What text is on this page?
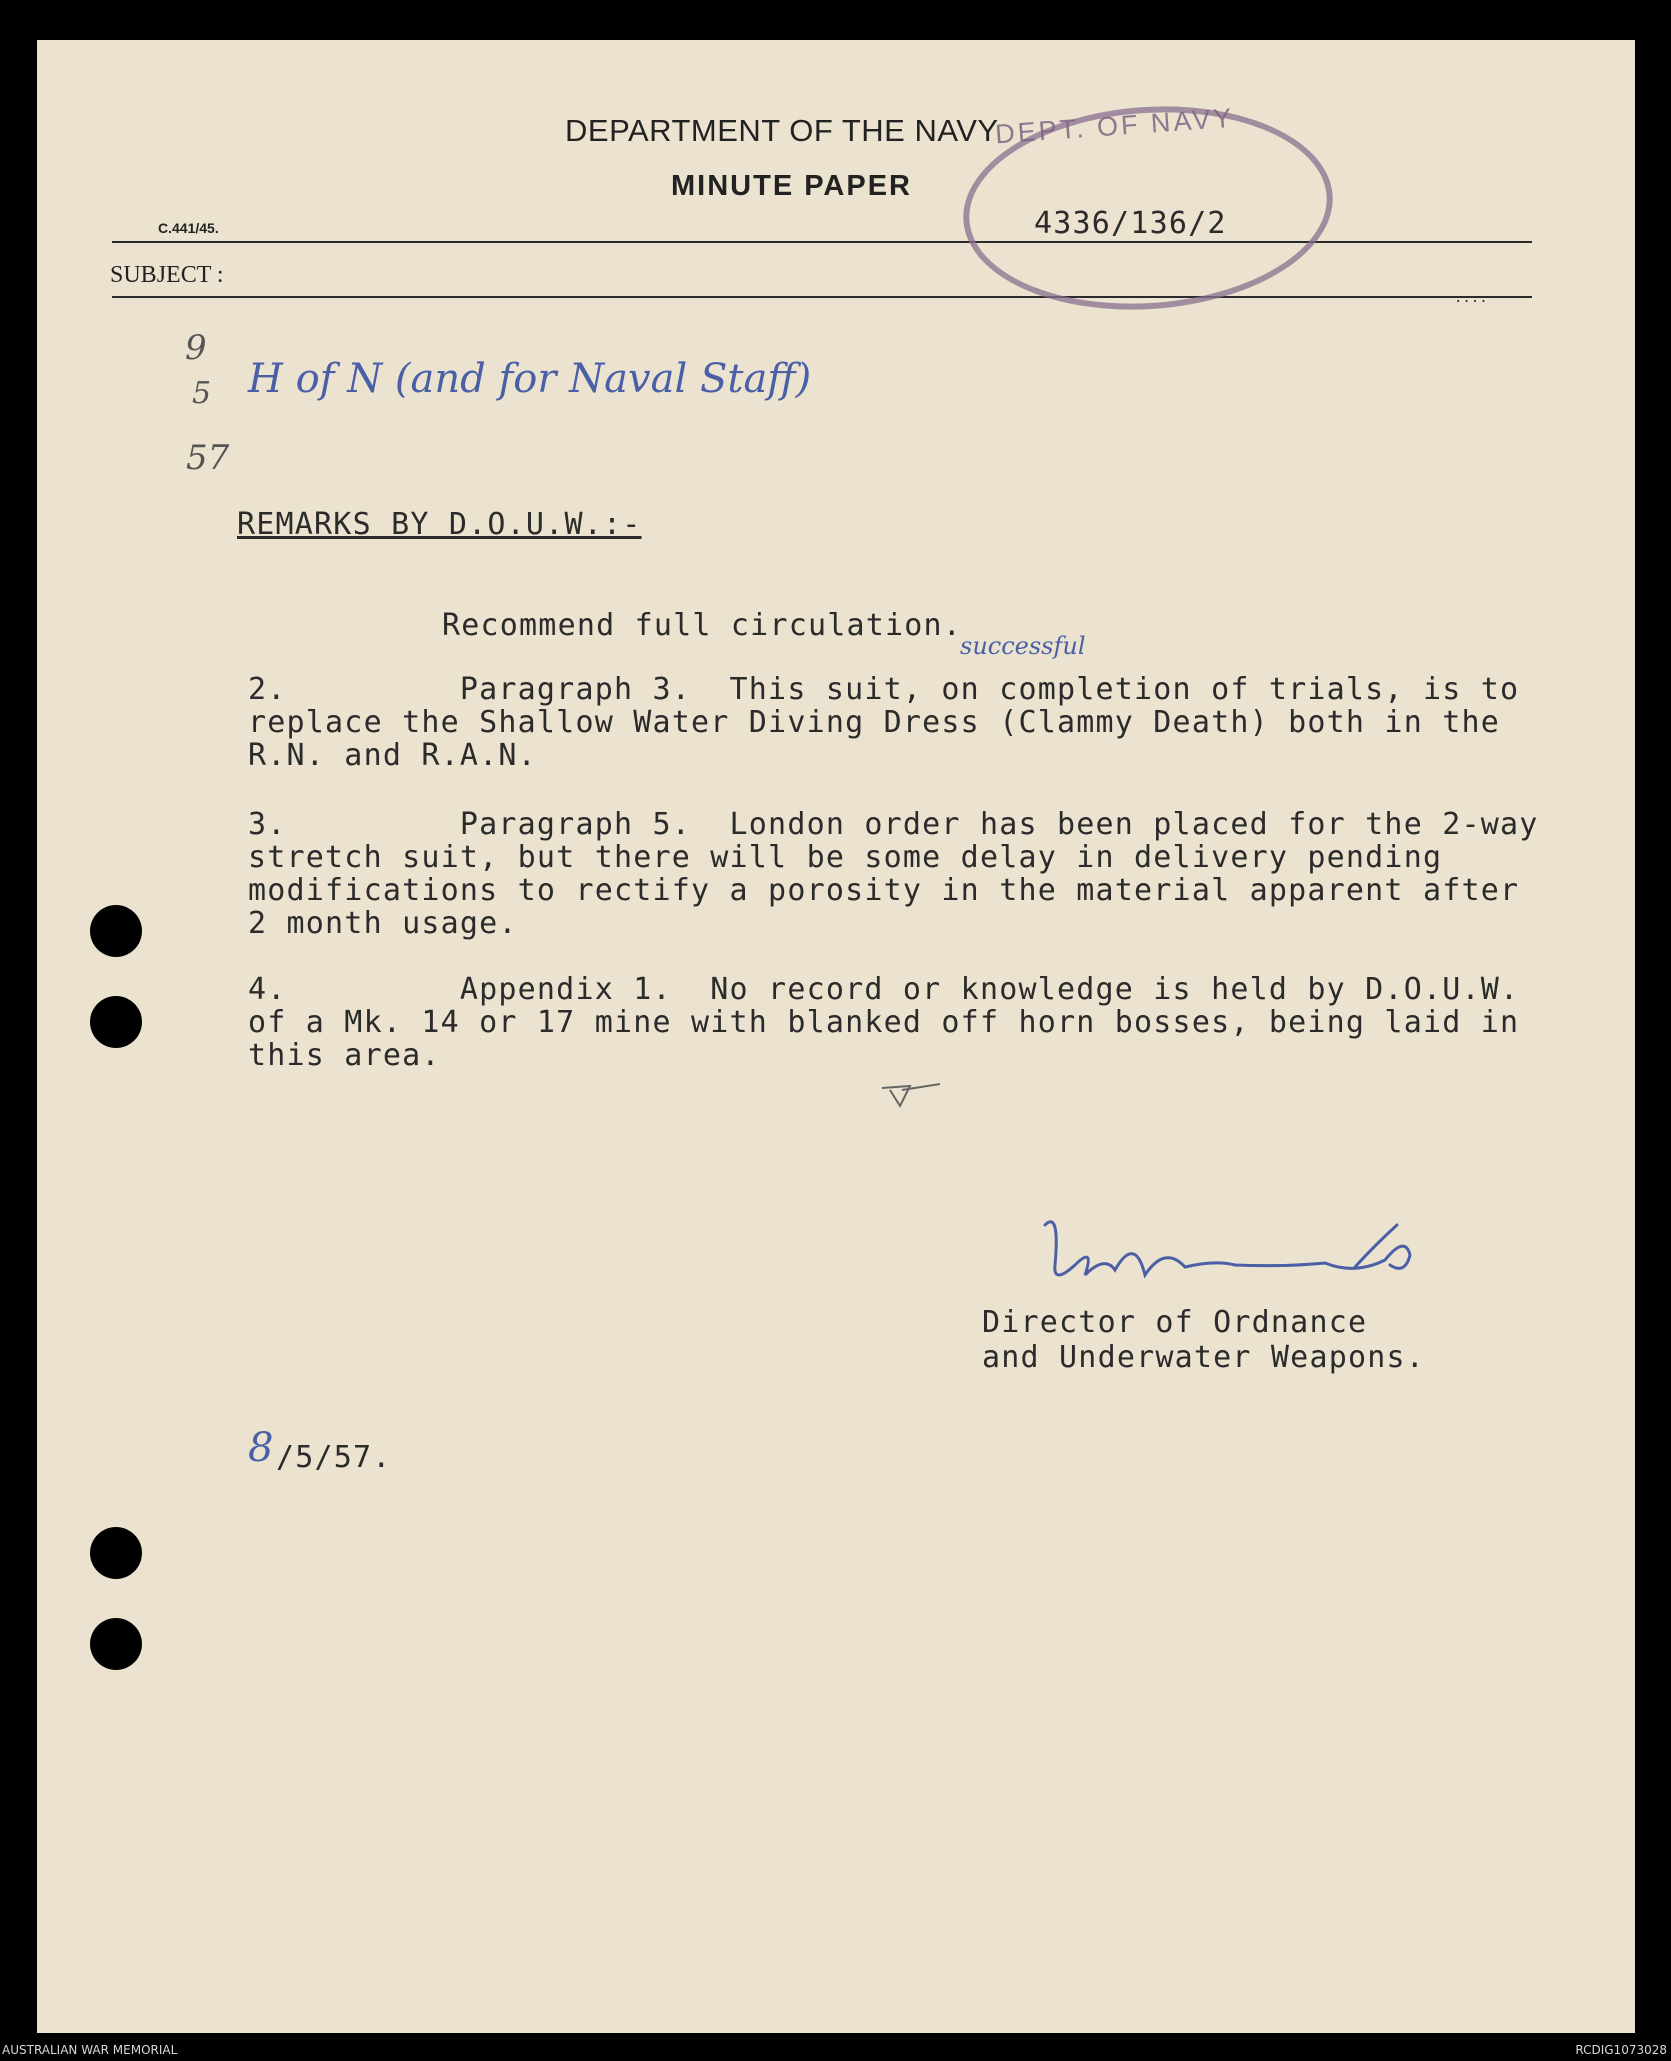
DEPARTMENT OF THE NAVY
MINUTE PAPER
C.441/45.	4336/136/2
SUBJECT :
....
DEPT. OF NAVY
9
5
57
H of N (and for Naval Staff)
REMARKS BY D.O.U.W.:-
Recommend full circulation.
successful

2.         Paragraph 3.  This suit, on completion of trials, is to

replace the Shallow Water Diving Dress (Clammy Death) both in the

R.N. and R.A.N.

3.         Paragraph 5.  London order has been placed for the 2-way

stretch suit, but there will be some delay in delivery pending

modifications to rectify a porosity in the material apparent after

2 month usage.

4.         Appendix 1.  No record or knowledge is held by D.O.U.W.

of a Mk. 14 or 17 mine with blanked off horn bosses, being laid in

this area.

Director of Ordnance
and Underwater Weapons.
8 /5/57.
AUSTRALIAN WAR MEMORIAL	RCDIG1073028
